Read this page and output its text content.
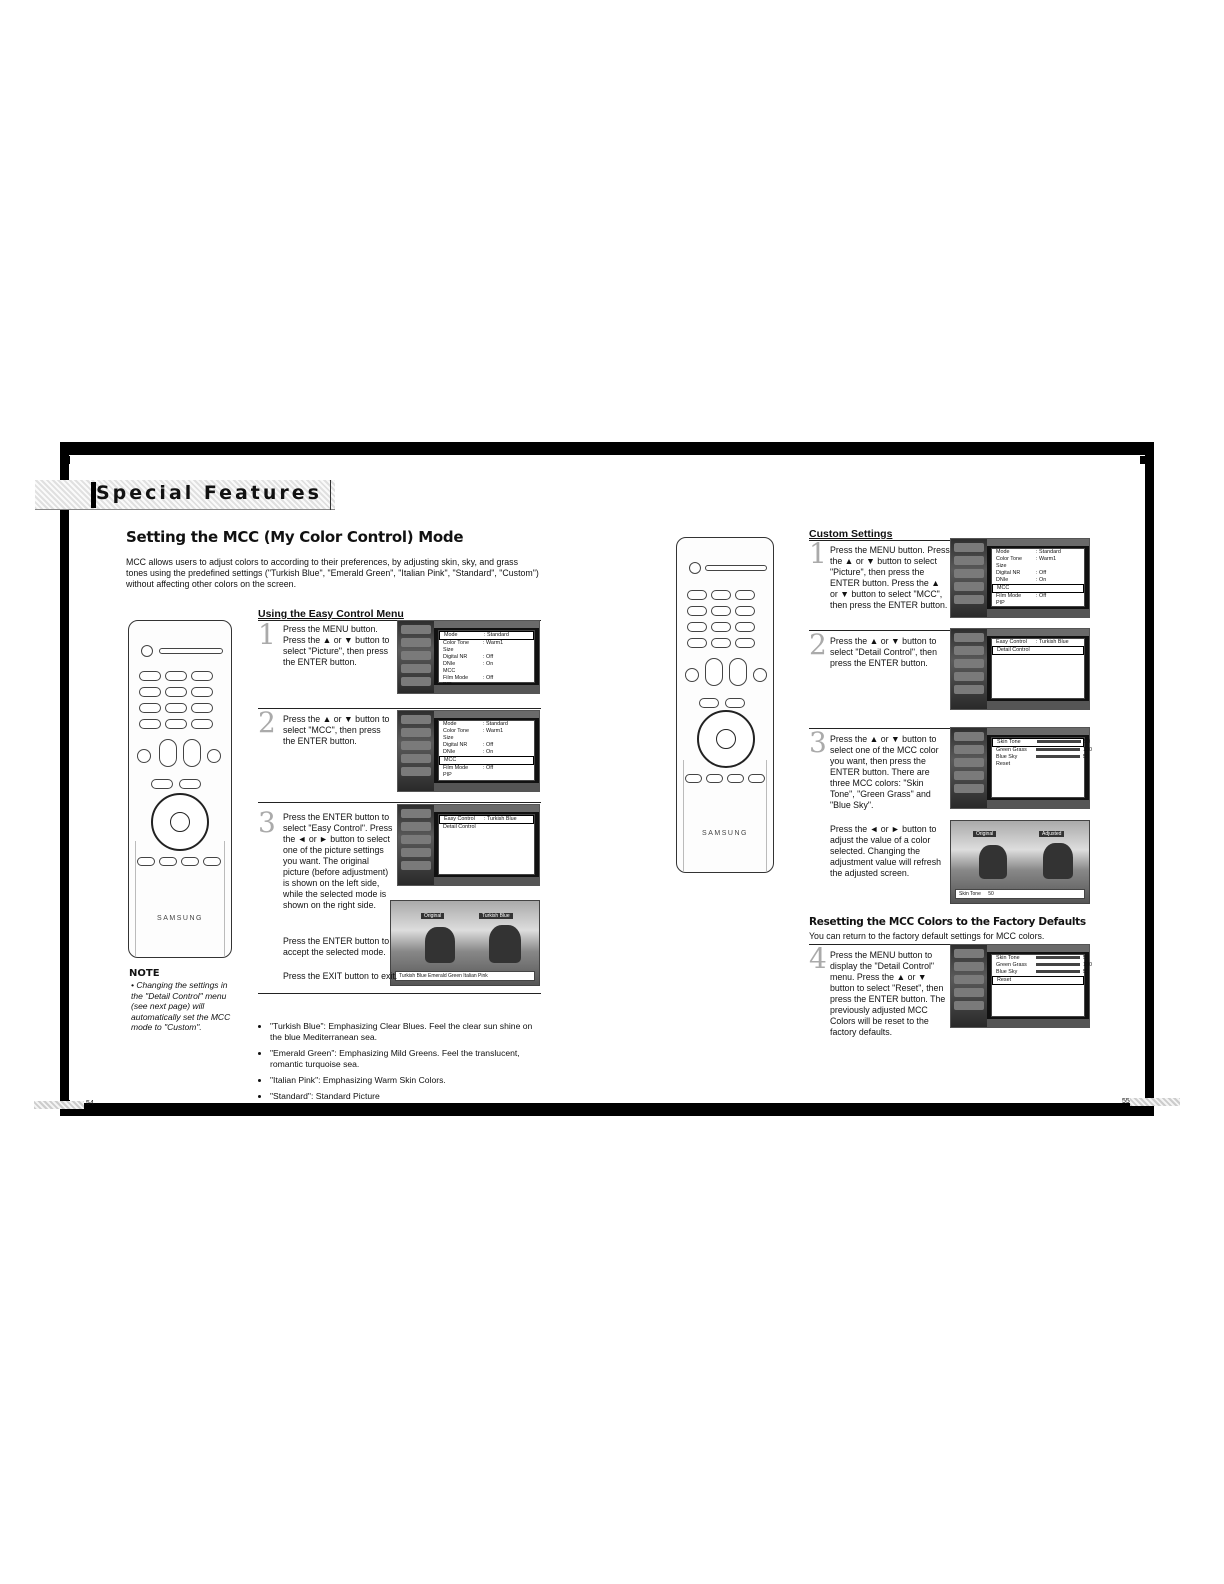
Special Features
Setting the MCC (My Color Control) Mode
MCC allows users to adjust colors to according to their preferences, by adjusting skin, sky, and grass tones using the predefined settings ("Turkish Blue", "Emerald Green", "Italian Pink", "Standard", "Custom") without affecting other colors on the screen.
SAMSUNG
Using the Easy Control Menu
1 Press the MENU button. Press the ▲ or ▼ button to select "Picture", then press the ENTER button.
Mode	: Standard
Color Tone	: Warm1
Size
Digital NR	: Off
DNIe	: On
MCC
Film Mode	: Off
2 Press the ▲ or ▼ button to select "MCC", then press the ENTER button.
Mode	: Standard
Color Tone	: Warm1
Size
Digital NR	: Off
DNIe	: On
MCC
Film Mode	: Off
PIP
3 Press the ENTER button to select "Easy Control". Press the ◄ or ► button to select one of the picture settings you want. The original picture (before adjustment) is shown on the left side, while the selected mode is shown on the right side.
Easy Control : Turkish Blue
Detail Control
Original	Turkish Blue
Turkish Blue Emerald Green Italian Pink
Press the ENTER button to accept the selected mode.
Press the EXIT button to exit.
NOTE
• Changing the settings in the "Detail Control" menu (see next page) will automatically set the MCC mode to "Custom".	• "Turkish Blue": Emphasizing Clear Blues. Feel the clear sun shine on the blue Mediterranean sea.
• "Emerald Green": Emphasizing Mild Greens. Feel the translucent, romantic turquoise sea.
• "Italian Pink": Emphasizing Warm Skin Colors.
• "Standard": Standard Picture
54
SAMSUNG
Custom Settings
1 Press the MENU button. Press the ▲ or ▼ button to select "Picture", then press the ENTER button. Press the ▲ or ▼ button to select "MCC", then press the ENTER button.
Mode	: Standard
Color Tone	: Warm1
Size
Digital NR	: Off
DNIe	: On
MCC
Film Mode	: Off
PIP
2 Press the ▲ or ▼ button to select "Detail Control", then press the ENTER button.
Easy Control : Turkish Blue
Detail Control
3 Press the ▲ or ▼ button to select one of the MCC color you want, then press the ENTER button. There are three MCC colors: "Skin Tone", "Green Grass" and "Blue Sky".
Skin Tone	50
Green Grass	100
Blue Sky	50
Reset
Press the ◄ or ► button to adjust the value of a color selected. Changing the adjustment value will refresh the adjusted screen.
Original	Adjusted
Skin Tone 50
Resetting the MCC Colors to the Factory Defaults
You can return to the factory default settings for MCC colors.
4 Press the MENU button to display the "Detail Control" menu. Press the ▲ or ▼ button to select "Reset", then press the ENTER button. The previously adjusted MCC Colors will be reset to the factory defaults.
Skin Tone	50
Green Grass	100
Blue Sky	50
Reset
55
